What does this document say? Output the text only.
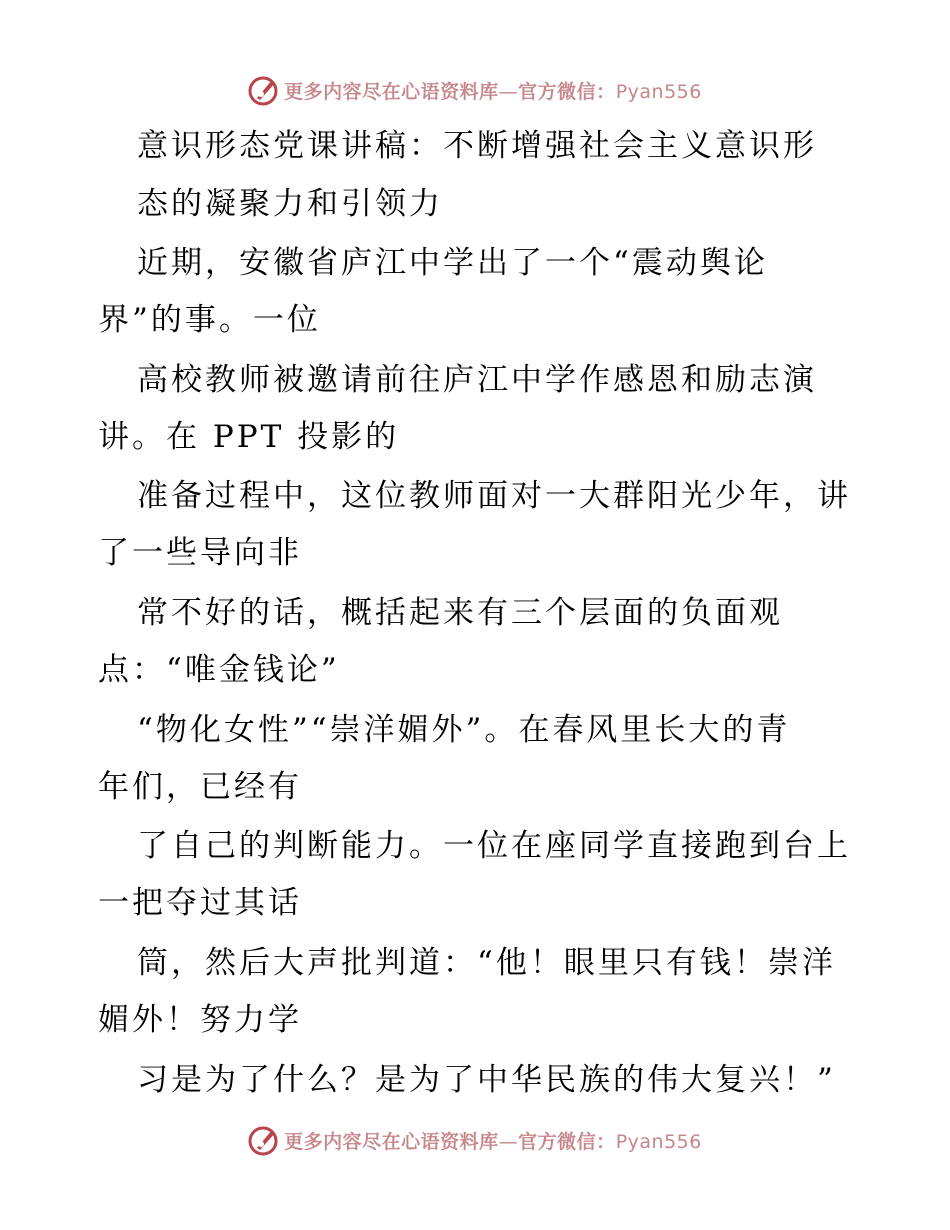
更多内容尽在心语资料库—官方微信：Pyan556
意识形态党课讲稿：不断增强社会主义意识形
态的凝聚力和引领力
近期，安徽省庐江中学出了一个“震动舆论
界”的事。一位
高校教师被邀请前往庐江中学作感恩和励志演
讲。在 PPT 投影的
准备过程中，这位教师面对一大群阳光少年，讲
了一些导向非
常不好的话，概括起来有三个层面的负面观
点：“唯金钱论”
“物化女性”“崇洋媚外”。在春风里长大的青
年们，已经有
了自己的判断能力。一位在座同学直接跑到台上
一把夺过其话
筒，然后大声批判道：“他！眼里只有钱！崇洋
媚外！努力学
习是为了什么？是为了中华民族的伟大复兴！”
更多内容尽在心语资料库—官方微信：Pyan556
